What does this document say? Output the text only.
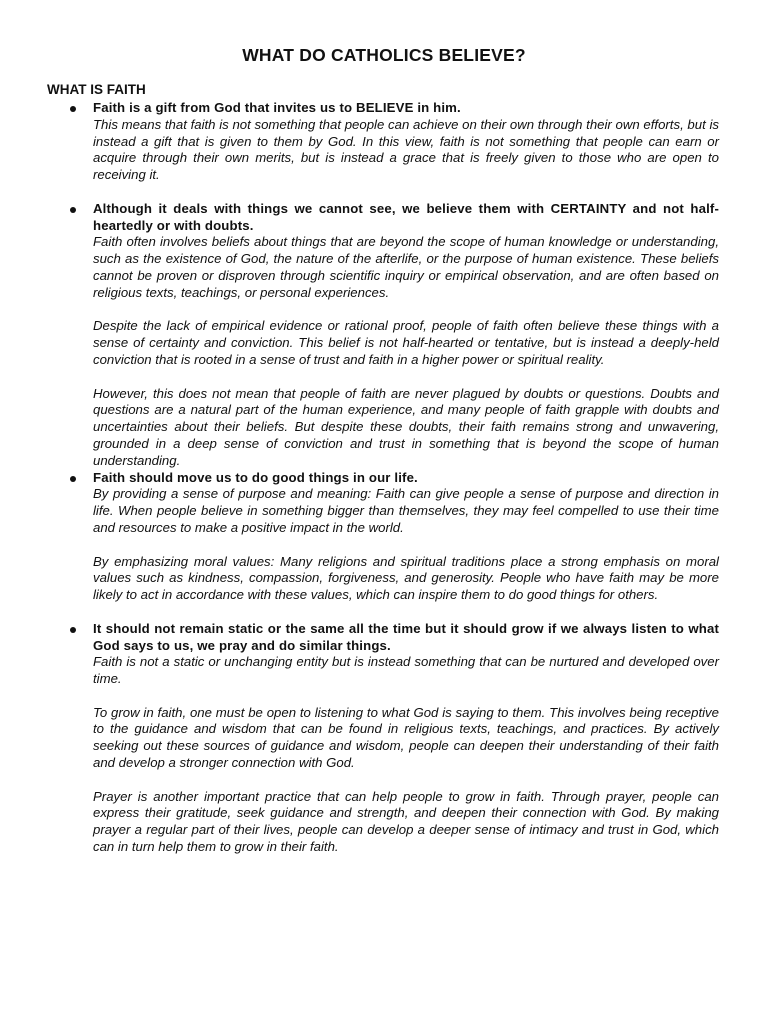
WHAT DO CATHOLICS BELIEVE?
WHAT IS FAITH

Faith is a gift from God that invites us to BELIEVE in him.

This means that faith is not something that people can achieve on their own through their own efforts, but is instead a gift that is given to them by God. In this view, faith is not something that people can earn or acquire through their own merits, but is instead a grace that is freely given to those who are open to receiving it.

Although it deals with things we cannot see, we believe them with CERTAINTY and not half-heartedly or with doubts.

Faith often involves beliefs about things that are beyond the scope of human knowledge or understanding, such as the existence of God, the nature of the afterlife, or the purpose of human existence. These beliefs cannot be proven or disproven through scientific inquiry or empirical observation, and are often based on religious texts, teachings, or personal experiences.

Despite the lack of empirical evidence or rational proof, people of faith often believe these things with a sense of certainty and conviction. This belief is not half-hearted or tentative, but is instead a deeply-held conviction that is rooted in a sense of trust and faith in a higher power or spiritual reality.

However, this does not mean that people of faith are never plagued by doubts or questions. Doubts and questions are a natural part of the human experience, and many people of faith grapple with doubts and uncertainties about their beliefs. But despite these doubts, their faith remains strong and unwavering, grounded in a deep sense of conviction and trust in something that is beyond the scope of human understanding.

Faith should move us to do good things in our life.

By providing a sense of purpose and meaning: Faith can give people a sense of purpose and direction in life. When people believe in something bigger than themselves, they may feel compelled to use their time and resources to make a positive impact in the world.

By emphasizing moral values: Many religions and spiritual traditions place a strong emphasis on moral values such as kindness, compassion, forgiveness, and generosity. People who have faith may be more likely to act in accordance with these values, which can inspire them to do good things for others.

It should not remain static or the same all the time but it should grow if we always listen to what God says to us, we pray and do similar things.

Faith is not a static or unchanging entity but is instead something that can be nurtured and developed over time.

To grow in faith, one must be open to listening to what God is saying to them. This involves being receptive to the guidance and wisdom that can be found in religious texts, teachings, and practices. By actively seeking out these sources of guidance and wisdom, people can deepen their understanding of their faith and develop a stronger connection with God.

Prayer is another important practice that can help people to grow in faith. Through prayer, people can express their gratitude, seek guidance and strength, and deepen their connection with God. By making prayer a regular part of their lives, people can develop a deeper sense of intimacy and trust in God, which can in turn help them to grow in their faith.
